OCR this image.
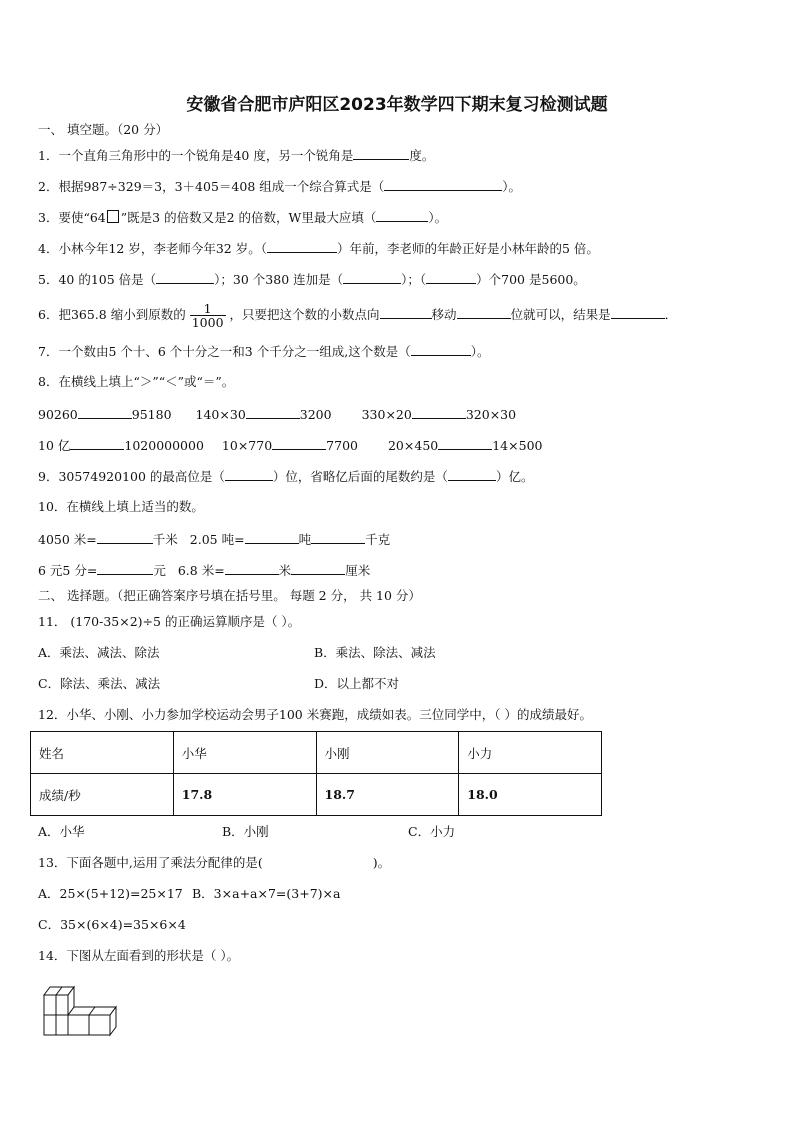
安徽省合肥市庐阳区2023年数学四下期末复习检测试题
一、 填空题。（20 分）
1．一个直角三角形中的一个锐角是40 度，另一个锐角是	度。
2．根据987÷329＝3，3＋405＝408 组成一个综合算式是（	）。
3．要使“64 ”既是3 的倍数又是2 的倍数，W里最大应填（	）。
4．小林今年12 岁，李老师今年32 岁。（	）年前，李老师的年龄正好是小林年龄的5 倍。
5．40 的105 倍是（	）；30 个380 连加是（	）；（	）个700 是5600。
6．把365.8 缩小到原数的 $\frac{1}{1000}$ ，只要把这个数的小数点向	移动	位就可以，结果是	．
7．一个数由5 个十、6 个十分之一和3 个千分之一组成,这个数是（	）。
8．在横线上填上“＞”“＜”或“＝”。
90260	95180 140×30	3200 330×20	320×30
10 亿	1020000000 10×770	7700 20×450	14×500
9．30574920100 的最高位是（	）位，省略亿后面的尾数约是（	）亿。
10．在横线上填上适当的数。
4050 米=	千米 2.05 吨=	吨	千克
6 元5 分=	元 6.8 米=	米	厘米
二、 选择题。（把正确答案序号填在括号里。 每题 2 分， 共 10 分）
11． (170-35×2)÷5 的正确运算顺序是（ ）。
A．乘法、减法、除法	B．乘法、除法、减法
C．除法、乘法、减法	D．以上都不对
12．小华、小刚、小力参加学校运动会男子100 米赛跑，成绩如表。三位同学中，（ ）的成绩最好。
姓名	小华	小刚	小力
成绩/秒	17.8	18.7	18.0
A．小华	B．小刚	C．小力
13．下面各题中,运用了乘法分配律的是(	)。
A．25×(5+12)=25×17 B．3×a+a×7=(3+7)×a
C．35×(6×4)=35×6×4
14．下图从左面看到的形状是（ ）。
